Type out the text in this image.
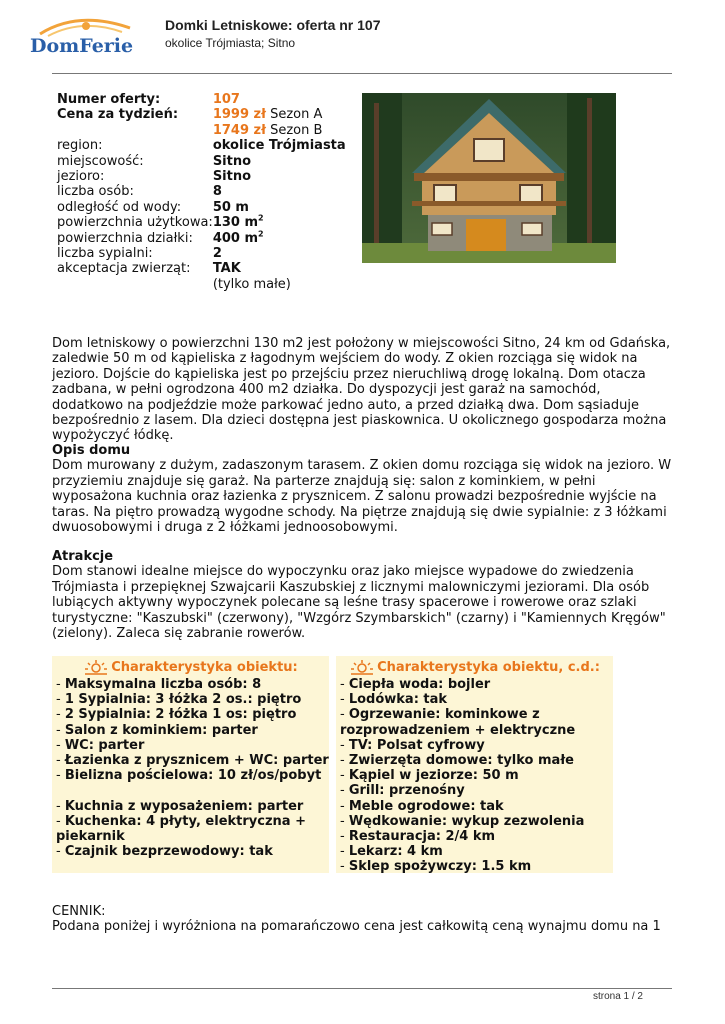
DomFerie
Domki Letniskowe: oferta nr 107
okolice Trójmiasta; Sitno
Numer oferty:	107
Cena za tydzień:	1999 zł Sezon A
	1749 zł Sezon B
region:	okolice Trójmiasta
miejscowość:	Sitno
jezioro:	Sitno
liczba osób:	8
odległość od wody:	50 m
powierzchnia użytkowa:	130 $m^2$
powierzchnia działki:	400 $m^2$
liczba sypialni:	2
akceptacja zwierząt:	TAK
	(tylko małe)

Dom letniskowy o powierzchni 130 m2 jest położony w miejscowości Sitno, 24 km od Gdańska, zaledwie 50 m od kąpieliska z łagodnym wejściem do wody. Z okien rozciąga się widok na jezioro. Dojście do kąpieliska jest po przejściu przez nieruchliwą drogę lokalną. Dom otacza zadbana, w pełni ogrodzona 400 m2 działka. Do dyspozycji jest garaż na samochód, dodatkowo na podjeździe może parkować jedno auto, a przed działką dwa. Dom sąsiaduje bezpośrednio z lasem. Dla dzieci dostępna jest piaskownica. U okolicznego gospodarza można wypożyczyć łódkę.

Opis domu
Dom murowany z dużym, zadaszonym tarasem. Z okien domu rozciąga się widok na jezioro. W przyziemiu znajduje się garaż. Na parterze znajdują się: salon z kominkiem, w pełni wyposażona kuchnia oraz łazienka z prysznicem. Z salonu prowadzi bezpośrednie wyjście na taras. Na piętro prowadzą wygodne schody. Na piętrze znajdują się dwie sypialnie: z 3 łóżkami dwuosobowymi i druga z 2 łóżkami jednoosobowymi.
Atrakcje
Dom stanowi idealne miejsce do wypoczynku oraz jako miejsce wypadowe do zwiedzenia Trójmiasta i przepięknej Szwajcarii Kaszubskiej z licznymi malowniczymi jeziorami. Dla osób lubiących aktywny wypoczynek polecane są leśne trasy spacerowe i rowerowe oraz szlaki turystyczne: "Kaszubski" (czerwony), "Wzgórz Szymbarskich" (czarny) i "Kamiennych Kręgów" (zielony). Zaleca się zabranie rowerów.
Charakterystyka obiektu:
- Maksymalna liczba osób: 8
- 1 Sypialnia: 3 łóżka 2 os.: piętro
- 2 Sypialnia: 2 łóżka 1 os: piętro
- Salon z kominkiem: parter
- WC: parter
- Łazienka z prysznicem + WC: parter
- Bielizna pościelowa: 10 zł/os/pobyt
- Kuchnia z wyposażeniem: parter
- Kuchenka: 4 płyty, elektryczna + piekarnik
- Czajnik bezprzewodowy: tak
Charakterystyka obiektu, c.d.:
- Ciepła woda: bojler
- Lodówka: tak
- Ogrzewanie: kominkowe z rozprowadzeniem + elektryczne
- TV: Polsat cyfrowy
- Zwierzęta domowe: tylko małe
- Kąpiel w jeziorze: 50 m
- Grill: przenośny
- Meble ogrodowe: tak
- Wędkowanie: wykup zezwolenia
- Restauracja: 2/4 km
- Lekarz: 4 km
- Sklep spożywczy: 1.5 km
CENNIK:
Podana poniżej i wyróżniona na pomarańczowo cena jest całkowitą ceną wynajmu domu na 1
strona 1 / 2
